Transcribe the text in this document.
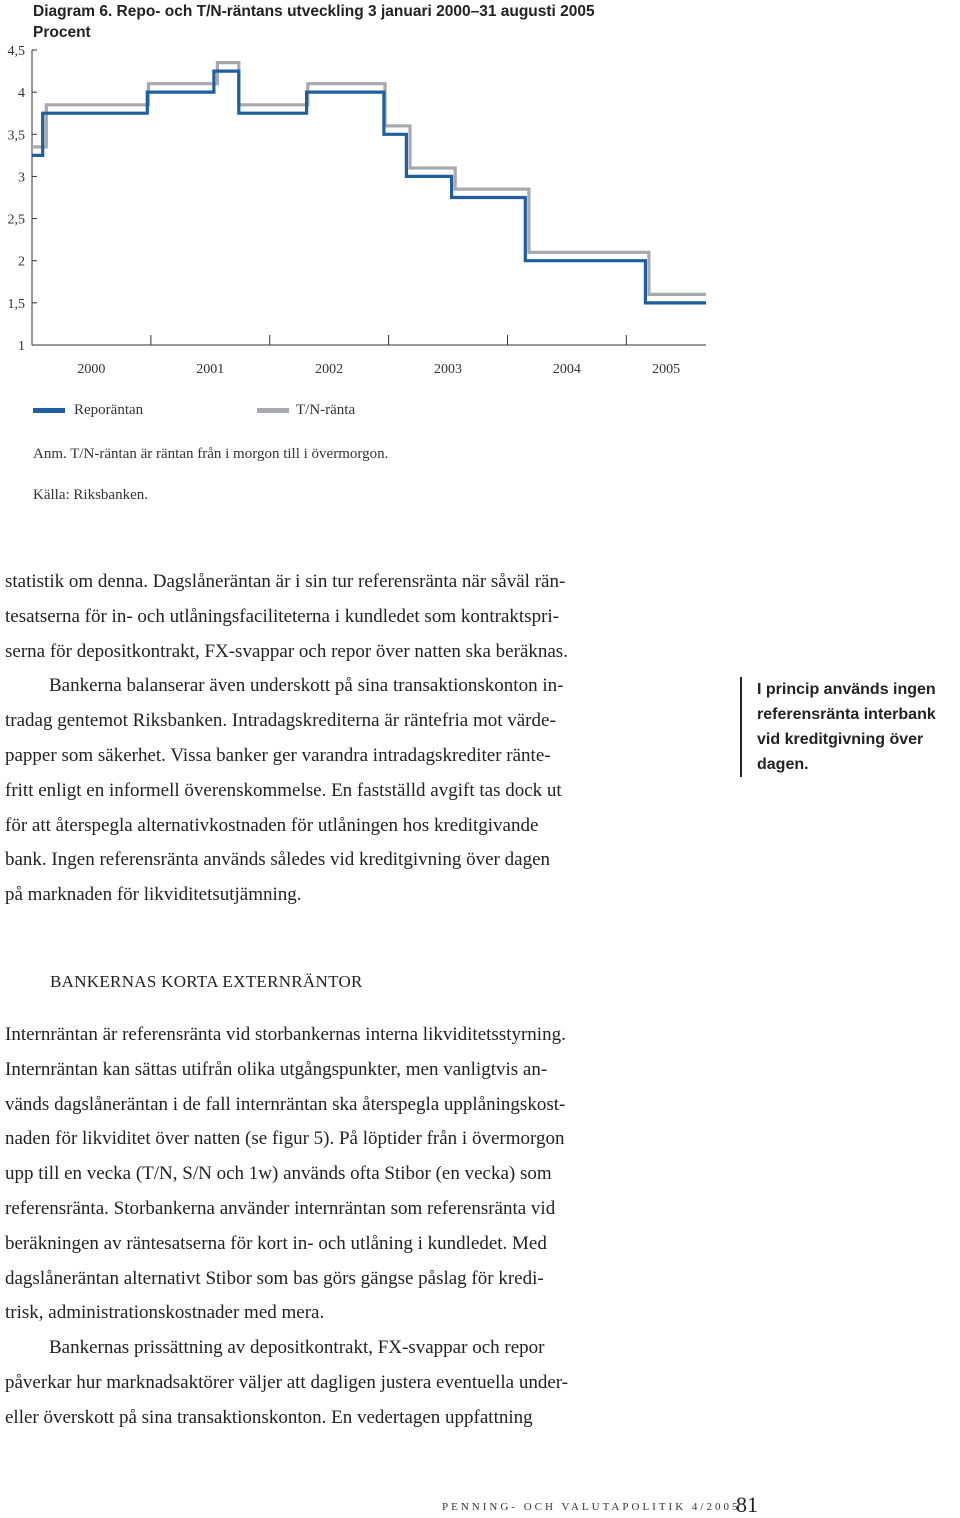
Diagram 6. Repo- och T/N-räntans utveckling 3 januari 2000–31 augusti 2005
Procent
1
1,5
2
2,5
3
3,5
4
4,5
2000	2001	2002	2003	2004	2005
Reporäntan	T/N-ränta
Anm. T/N-räntan är räntan från i morgon till i övermorgon.
Källa: Riksbanken.

statistik om denna. Dagslåneräntan är i sin tur referensränta när såväl rän-

tesatserna för in- och utlåningsfaciliteterna i kundledet som kontraktspri-

serna för depositkontrakt, FX-svappar och repor över natten ska beräknas.

Bankerna balanserar även underskott på sina transaktionskonton in-

tradag gentemot Riksbanken. Intradagskrediterna är räntefria mot värde-

papper som säkerhet. Vissa banker ger varandra intradagskrediter ränte-

fritt enligt en informell överenskommelse. En fastställd avgift tas dock ut

för att återspegla alternativkostnaden för utlåningen hos kreditgivande

bank. Ingen referensränta används således vid kreditgivning över dagen

på marknaden för likviditetsutjämning.

I princip används ingen
referensränta interbank
vid kreditgivning över
dagen.
BANKERNAS KORTA EXTERNRÄNTOR

Internräntan är referensränta vid storbankernas interna likviditetsstyrning.

Internräntan kan sättas utifrån olika utgångspunkter, men vanligtvis an-

vänds dagslåneräntan i de fall internräntan ska återspegla upplåningskost-

naden för likviditet över natten (se figur 5). På löptider från i övermorgon

upp till en vecka (T/N, S/N och 1w) används ofta Stibor (en vecka) som

referensränta. Storbankerna använder internräntan som referensränta vid

beräkningen av räntesatserna för kort in- och utlåning i kundledet. Med

dagslåneräntan alternativt Stibor som bas görs gängse påslag för kredi-

trisk, administrationskostnader med mera.

Bankernas prissättning av depositkontrakt, FX-svappar och repor

påverkar hur marknadsaktörer väljer att dagligen justera eventuella under-

eller överskott på sina transaktionskonton. En vedertagen uppfattning

PENNING- OCH VALUTAPOLITIK 4/2005
81
